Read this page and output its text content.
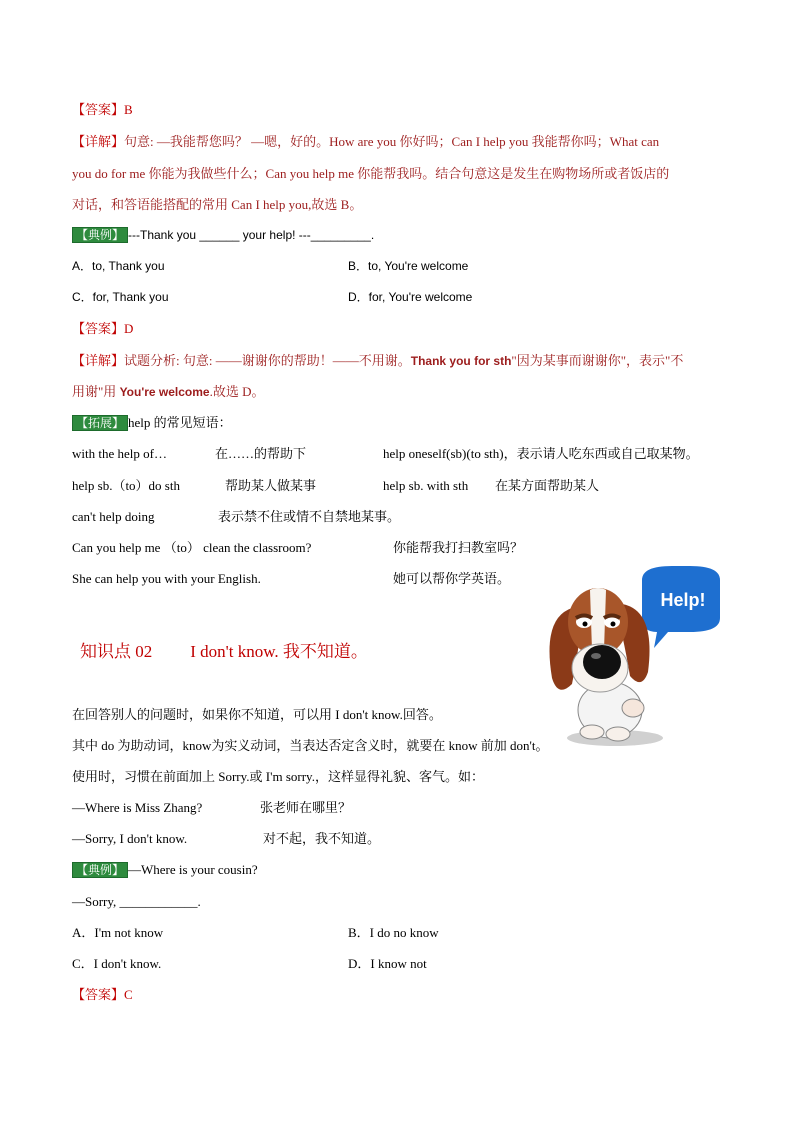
【答案】B
【详解】句意: —我能帮您吗？ —嗯，好的。How are you 你好吗；Can I help you 我能帮你吗；What can
you do for me 你能为我做些什么；Can you help me 你能帮我吗。结合句意这是发生在购物场所或者饭店的
对话，和答语能搭配的常用 Can I help you,故选 B。
【典例】 ---Thank you ______ your help! ---_________.
A．to, Thank you	B．to, You're welcome
C．for, Thank you	D．for, You're welcome
【答案】D
【详解】试题分析: 句意: ——谢谢你的帮助！——不用谢。Thank you for sth"因为某事而谢谢你"，表示"不
用谢"用 You're welcome.故选 D。
【拓展】 help 的常见短语：
with the help of…	在……的帮助下	help oneself(sb)(to sth)，表示请人吃东西或自己取某物。
help sb.（to）do sth	帮助某人做某事	help sb. with sth 在某方面帮助某人
can't help doing	表示禁不住或情不自禁地某事。
Can you help me （to） clean the classroom?	你能帮我打扫教室吗？
She can help you with your English.	她可以帮你学英语。
知识点 02 I don't know. 我不知道。
Help!
在回答别人的问题时，如果你不知道，可以用 I don't know.回答。
其中 do 为助动词，know为实义动词，当表达否定含义时，就要在 know 前加 don't。
使用时，习惯在前面加上 Sorry.或 I'm sorry.，这样显得礼貌、客气。如：
—Where is Miss Zhang?	张老师在哪里？
—Sorry, I don't know.	对不起，我不知道。
【典例】 —Where is your cousin?
—Sorry, ____________.
A．I'm not know	B．I do no know
C．I don't know.	D．I know not
【答案】C
